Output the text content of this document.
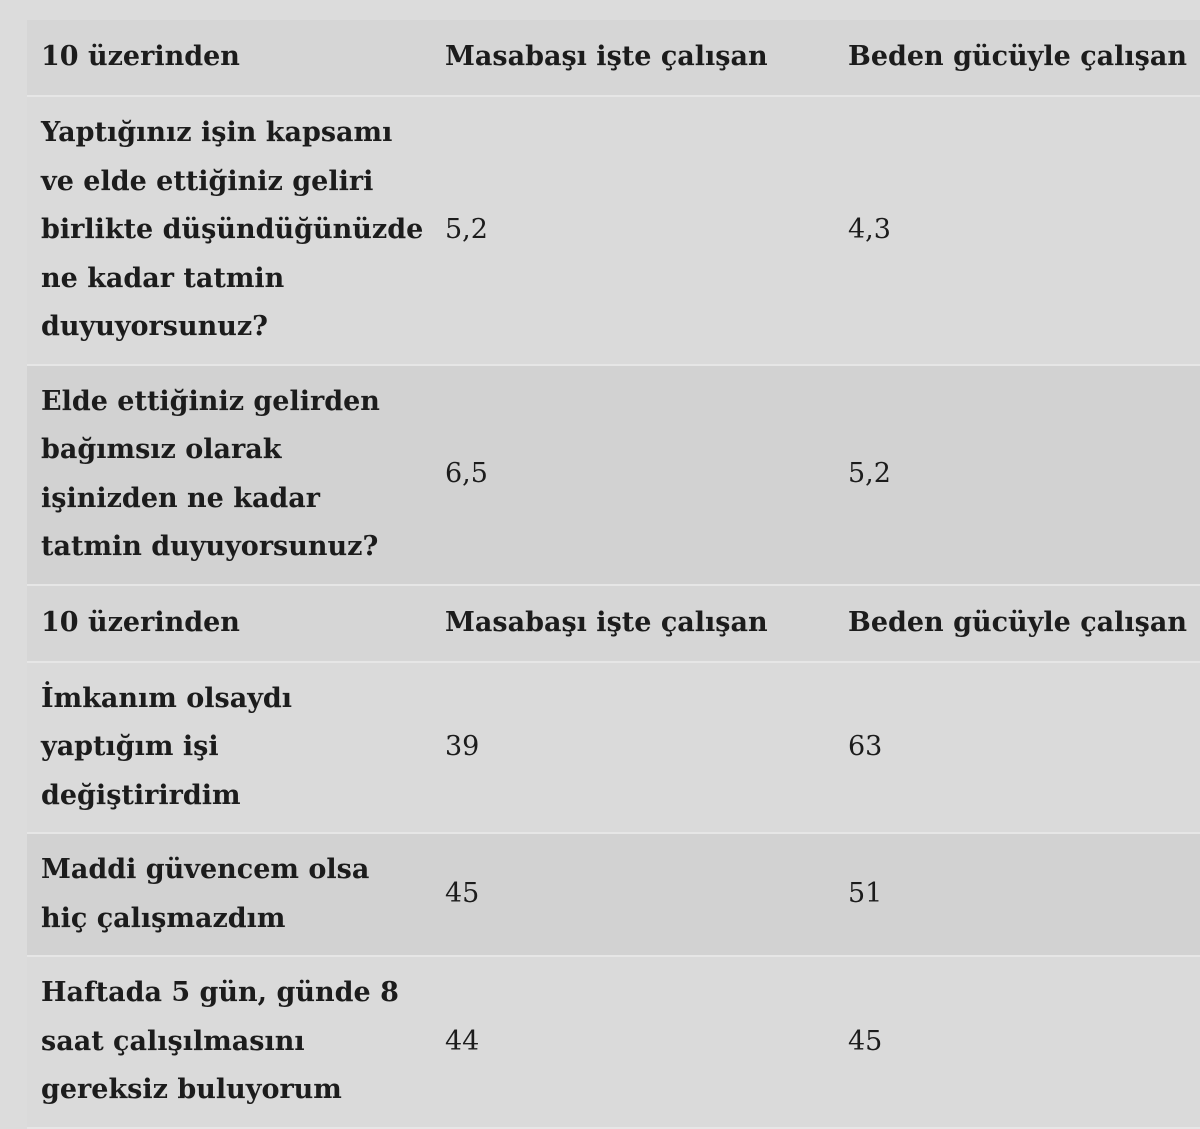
10 üzerinden	Masabaşı işte çalışan	Beden gücüyle çalışan
Yaptığınız işin kapsamı ve elde ettiğiniz geliri birlikte düşündüğünüzde ne kadar tatmin duyuyorsunuz?	5,2	4,3
Elde ettiğiniz gelirden bağımsız olarak işinizden ne kadar tatmin duyuyorsunuz?	6,5	5,2
10 üzerinden	Masabaşı işte çalışan	Beden gücüyle çalışan
İmkanım olsaydı yaptığım işi değiştirirdim	39	63
Maddi güvencem olsa hiç çalışmazdım	45	51
Haftada 5 gün, günde 8 saat çalışılmasını gereksiz buluyorum	44	45
